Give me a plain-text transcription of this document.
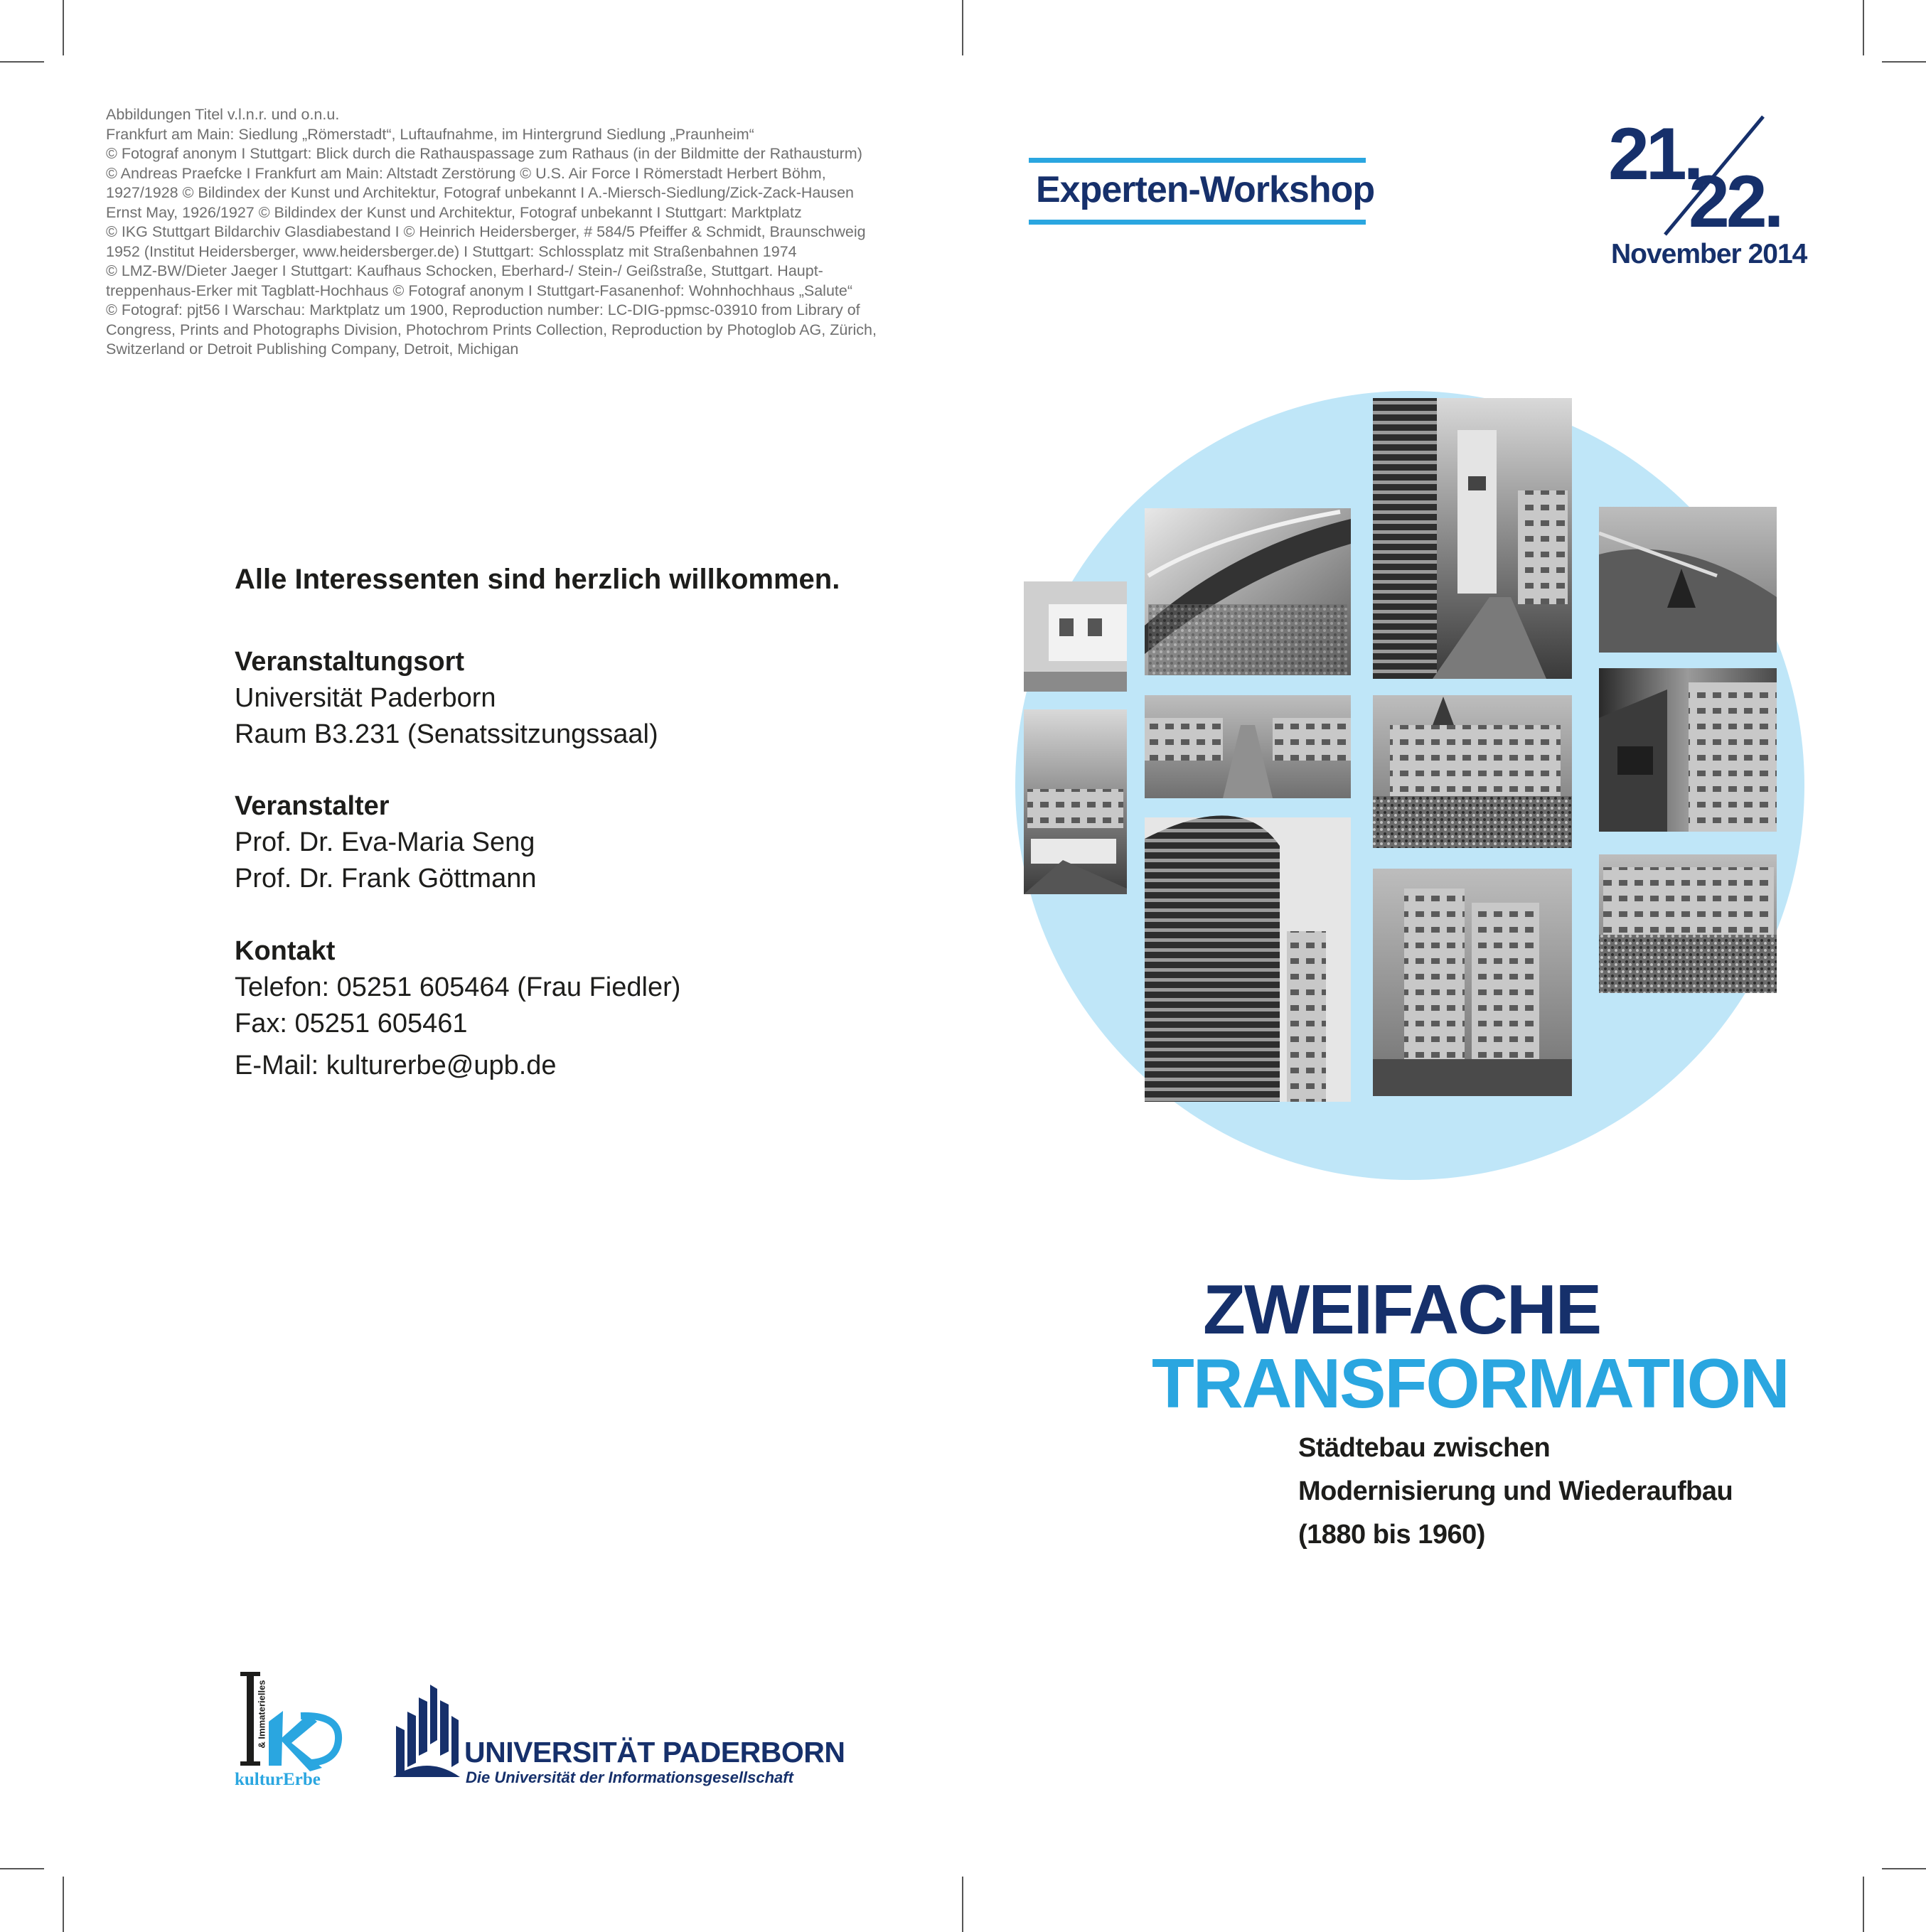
Abbildungen Titel v.l.n.r. und o.n.u.
Frankfurt am Main: Siedlung „Römerstadt“, Luftaufnahme, im Hintergrund Siedlung „Praunheim“
© Fotograf anonym I Stuttgart: Blick durch die Rathauspassage zum Rathaus (in der Bildmitte der Rathausturm)
© Andreas Praefcke I Frankfurt am Main: Altstadt Zerstörung © U.S. Air Force I Römerstadt Herbert Böhm,
1927/1928 © Bildindex der Kunst und Architektur, Fotograf unbekannt I A.-Miersch-Siedlung/Zick-Zack-Hausen
Ernst May, 1926/1927 © Bildindex der Kunst und Architektur, Fotograf unbekannt I Stuttgart: Marktplatz
© IKG Stuttgart Bildarchiv Glasdiabestand I © Heinrich Heidersberger, # 584/5 Pfeiffer & Schmidt, Braunschweig
1952 (Institut Heidersberger, www.heidersberger.de) I Stuttgart: Schlossplatz mit Straßenbahnen 1974
© LMZ-BW/Dieter Jaeger I Stuttgart: Kaufhaus Schocken, Eberhard-/ Stein-/ Geißstraße, Stuttgart. Haupt-
treppenhaus-Erker mit Tagblatt-Hochhaus © Fotograf anonym I Stuttgart-Fasanenhof: Wohnhochhaus „Salute“
© Fotograf: pjt56 I Warschau: Marktplatz um 1900, Reproduction number: LC-DIG-ppmsc-03910 from Library of
Congress, Prints and Photographs Division, Photochrom Prints Collection, Reproduction by Photoglob AG, Zürich,
Switzerland or Detroit Publishing Company, Detroit, Michigan
Alle Interessenten sind herzlich willkommen.
Veranstaltungsort
Universität Paderborn
Raum B3.231 (Senatssitzungssaal)
Veranstalter
Prof. Dr. Eva-Maria Seng
Prof. Dr. Frank Göttmann
Kontakt
Telefon: 05251 605464 (Frau Fiedler)
Fax: 05251 605461
E-Mail: kulturerbe@upb.de
Experten-Workshop	21.
22.
November 2014
ZWEIFACHE
TRANSFORMATION
Städtebau zwischen
Modernisierung und Wiederaufbau
(1880 bis 1960)
& Immaterielles
kulturErbe
UNIVERSITÄT PADERBORN
Die Universität der Informationsgesellschaft
